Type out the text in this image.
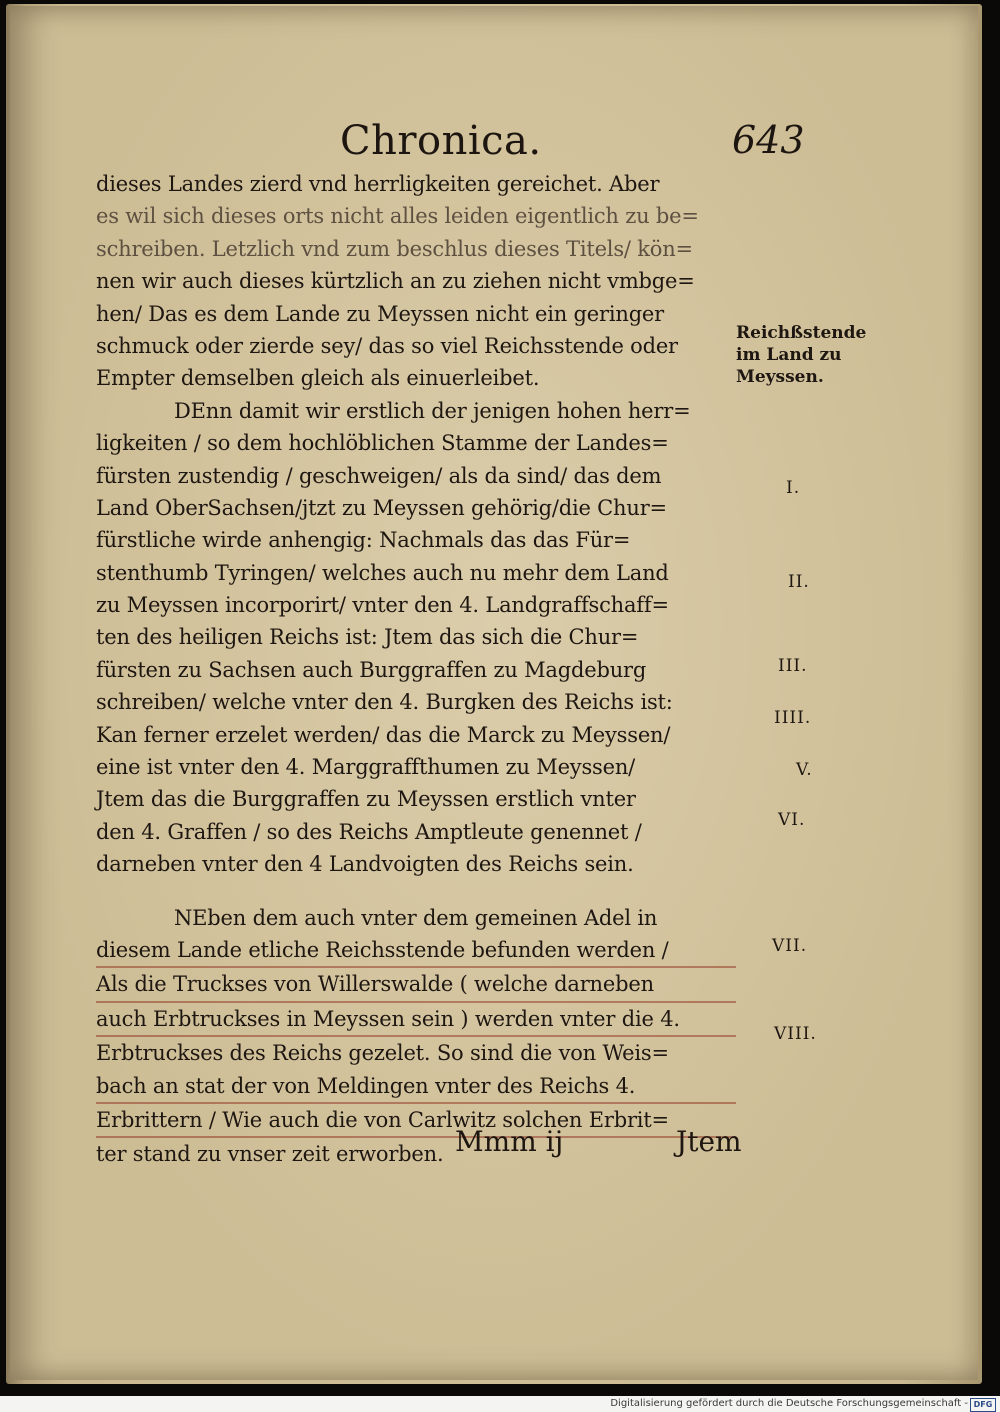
Chronica.	643
dieses Landes zierd vnd herrligkeiten gereichet. Aber
es wil sich dieses orts nicht alles leiden eigentlich zu be=
schreiben. Letzlich vnd zum beschlus dieses Titels/ kön=
nen wir auch dieses kürtzlich an zu ziehen nicht vmbge=
hen/ Das es dem Lande zu Meyssen nicht ein geringer
schmuck oder zierde sey/ das so viel Reichsstende oder
Empter demselben gleich als einuerleibet.
DEnn damit wir erstlich der jenigen hohen herr=
ligkeiten / so dem hochlöblichen Stamme der Landes=
fürsten zustendig / geschweigen/ als da sind/ das dem
Land OberSachsen/jtzt zu Meyssen gehörig/die Chur=
fürstliche wirde anhengig: Nachmals das das Für=
stenthumb Tyringen/ welches auch nu mehr dem Land
zu Meyssen incorporirt/ vnter den 4. Landgraffschaff=
ten des heiligen Reichs ist: Jtem das sich die Chur=
fürsten zu Sachsen auch Burggraffen zu Magdeburg
schreiben/ welche vnter den 4. Burgken des Reichs ist:
Kan ferner erzelet werden/ das die Marck zu Meyssen/
eine ist vnter den 4. Marggraffthumen zu Meyssen/
Jtem das die Burggraffen zu Meyssen erstlich vnter
den 4. Graffen / so des Reichs Amptleute genennet /
darneben vnter den 4 Landvoigten des Reichs sein.
NEben dem auch vnter dem gemeinen Adel in
diesem Lande etliche Reichsstende befunden werden /
Als die Truckses von Willerswalde ( welche darneben
auch Erbtruckses in Meyssen sein ) werden vnter die 4.
Erbtruckses des Reichs gezelet. So sind die von Weis=
bach an stat der von Meldingen vnter des Reichs 4.
Erbrittern / Wie auch die von Carlwitz solchen Erbrit=
ter stand zu vnser zeit erworben.
Reichßstende
im Land zu
Meyssen.
I.
II.
III.
IIII.
V.
VI.
VII.
VIII.
Mmm ij	Jtem
Digitalisierung gefördert durch die Deutsche Forschungsgemeinschaft - DFG
